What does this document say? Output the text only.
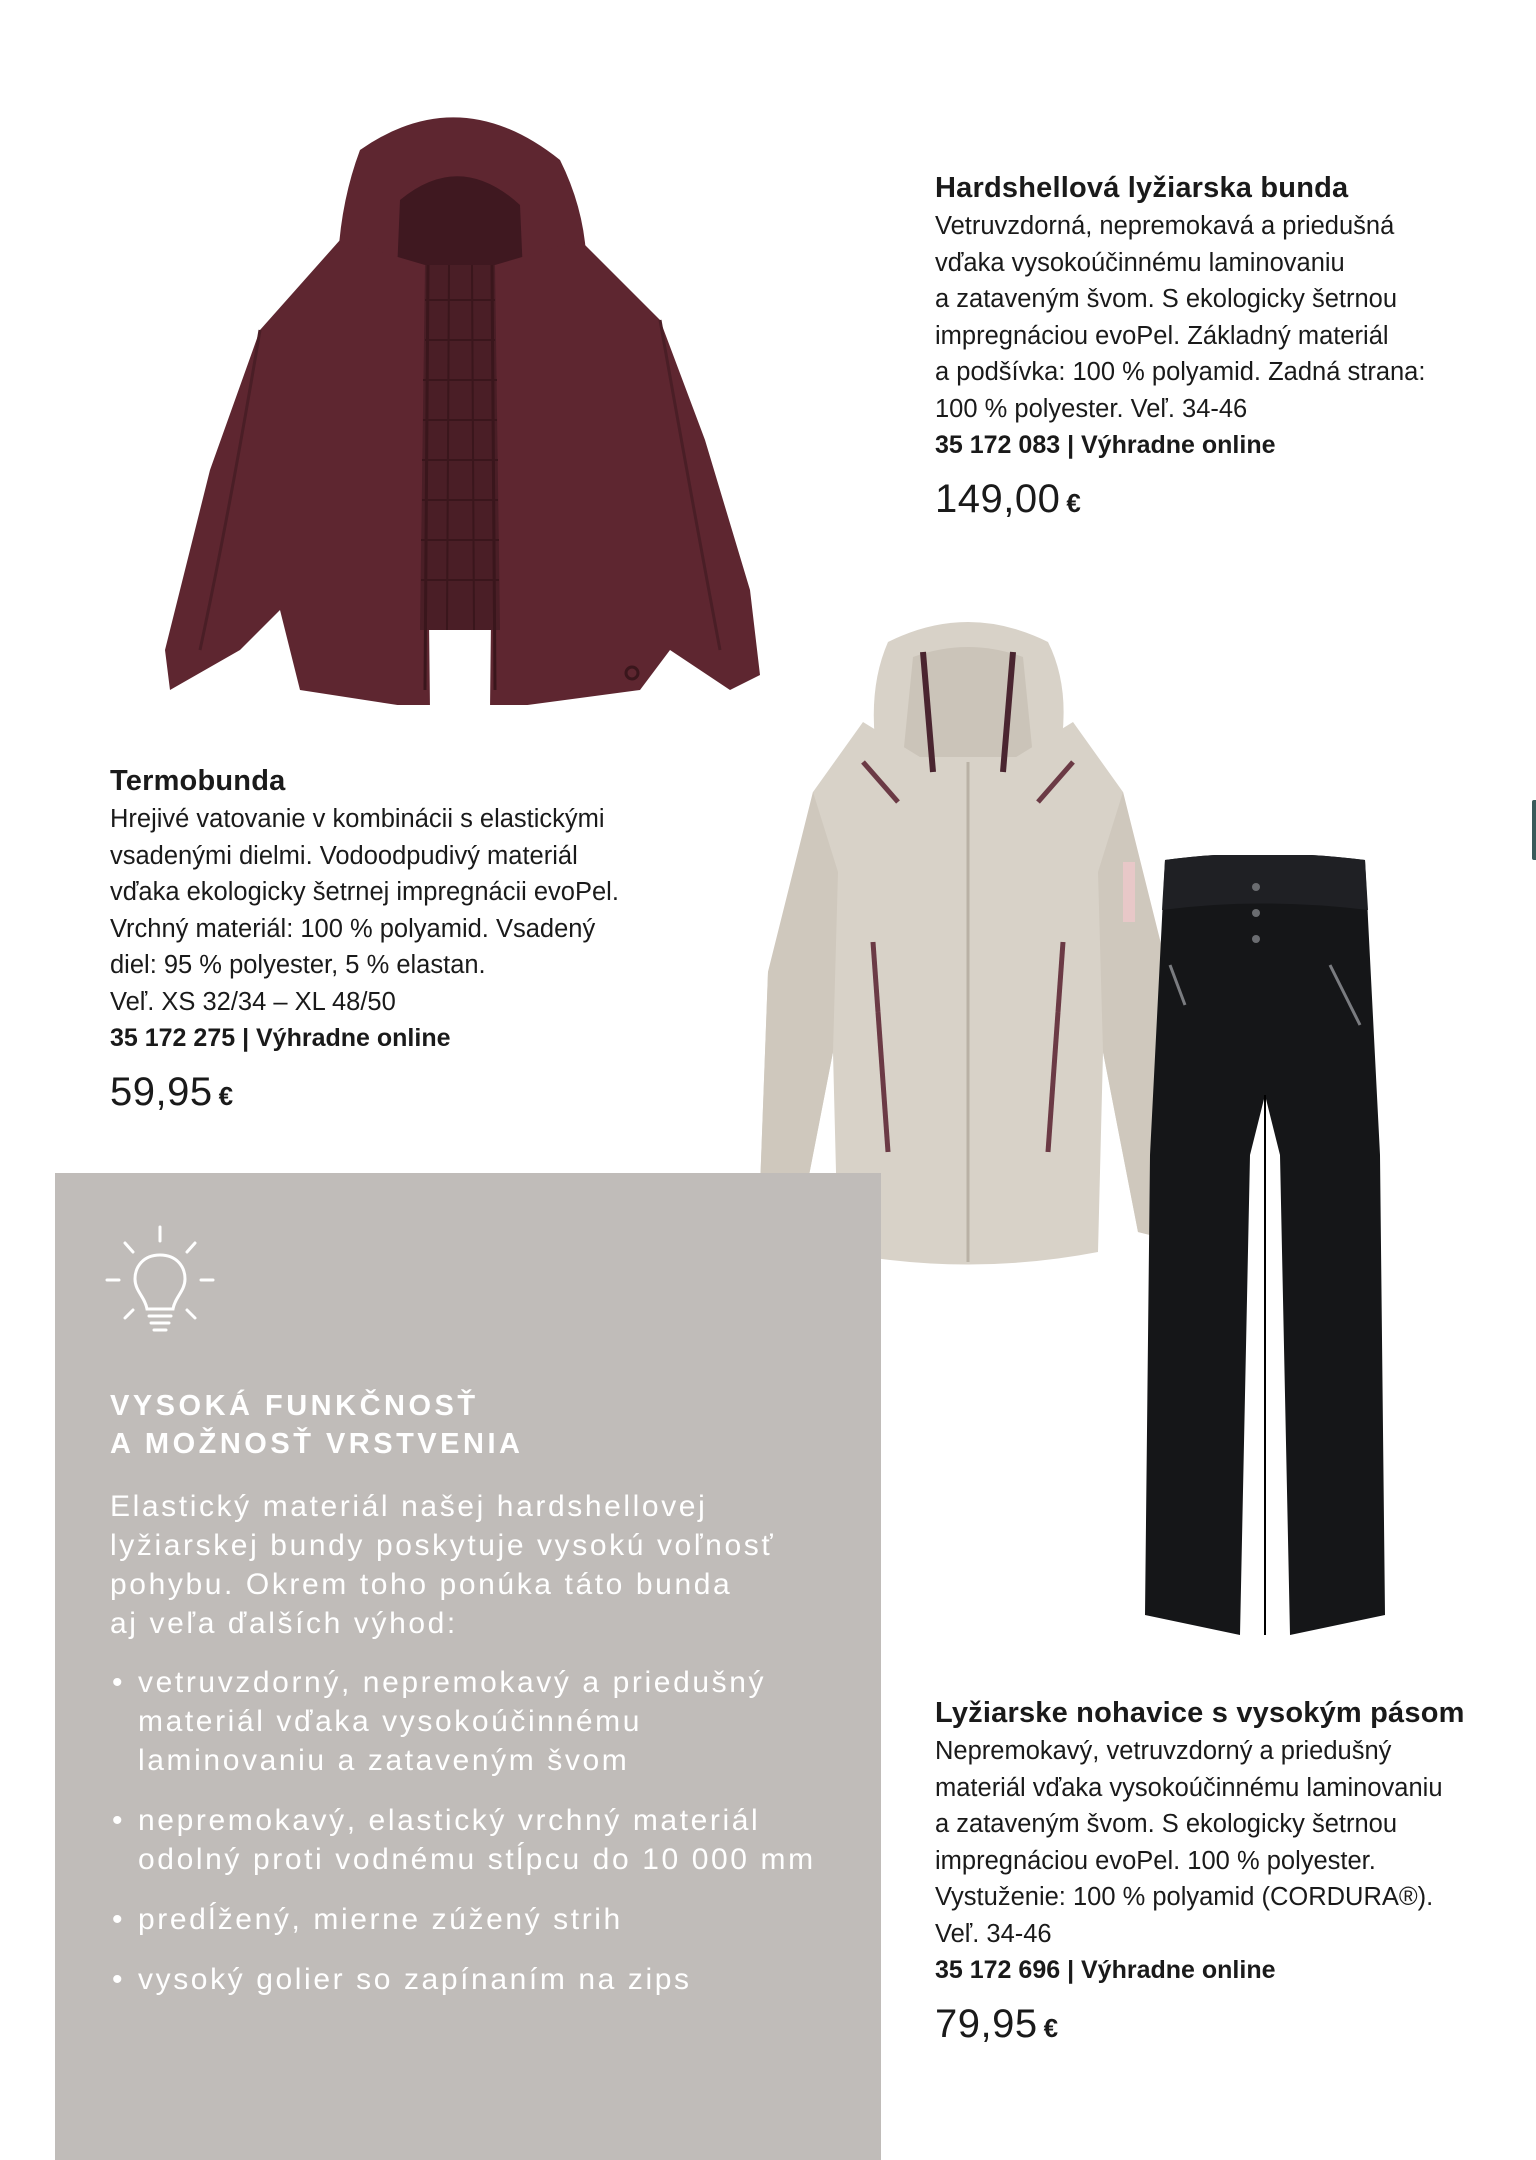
Hardshellová lyžiarska bunda

Vetruvzdorná, nepremokavá a priedušná
vďaka vysokoúčinnému laminovaniu
a zataveným švom. S ekologicky šetrnou
impregnáciou evoPel. Základný materiál
a podšívka: 100 % polyamid. Zadná strana:
100 % polyester. Veľ. 34-46

35 172 083 | Výhradne online

149,00 €

Termobunda

Hrejivé vatovanie v kombinácii s elastickými
vsadenými dielmi. Vodoodpudivý materiál
vďaka ekologicky šetrnej impregnácii evoPel.
Vrchný materiál: 100 % polyamid. Vsadený
diel: 95 % polyester, 5 % elastan.
Veľ. XS 32/34 – XL 48/50

35 172 275 | Výhradne online

59,95 €

VYSOKÁ FUNKČNOSŤ
A MOŽNOSŤ VRSTVENIA

Elastický materiál našej hardshellovej
lyžiarskej bundy poskytuje vysokú voľnosť
pohybu. Okrem toho ponúka táto bunda
aj veľa ďalších výhod:

• vetruvzdorný, nepremokavý a priedušný
materiál vďaka vysokoúčinnému
laminovaniu a zataveným švom
• nepremokavý, elastický vrchný materiál
odolný proti vodnému stĺpcu do 10 000 mm
• predĺžený, mierne zúžený strih
• vysoký golier so zapínaním na zips

Lyžiarske nohavice s vysokým pásom

Nepremokavý, vetruvzdorný a priedušný
materiál vďaka vysokoúčinnému laminovaniu
a zataveným švom. S ekologicky šetrnou
impregnáciou evoPel. 100 % polyester.
Vystuženie: 100 % polyamid (CORDURA®).
Veľ. 34-46

35 172 696 | Výhradne online

79,95 €
